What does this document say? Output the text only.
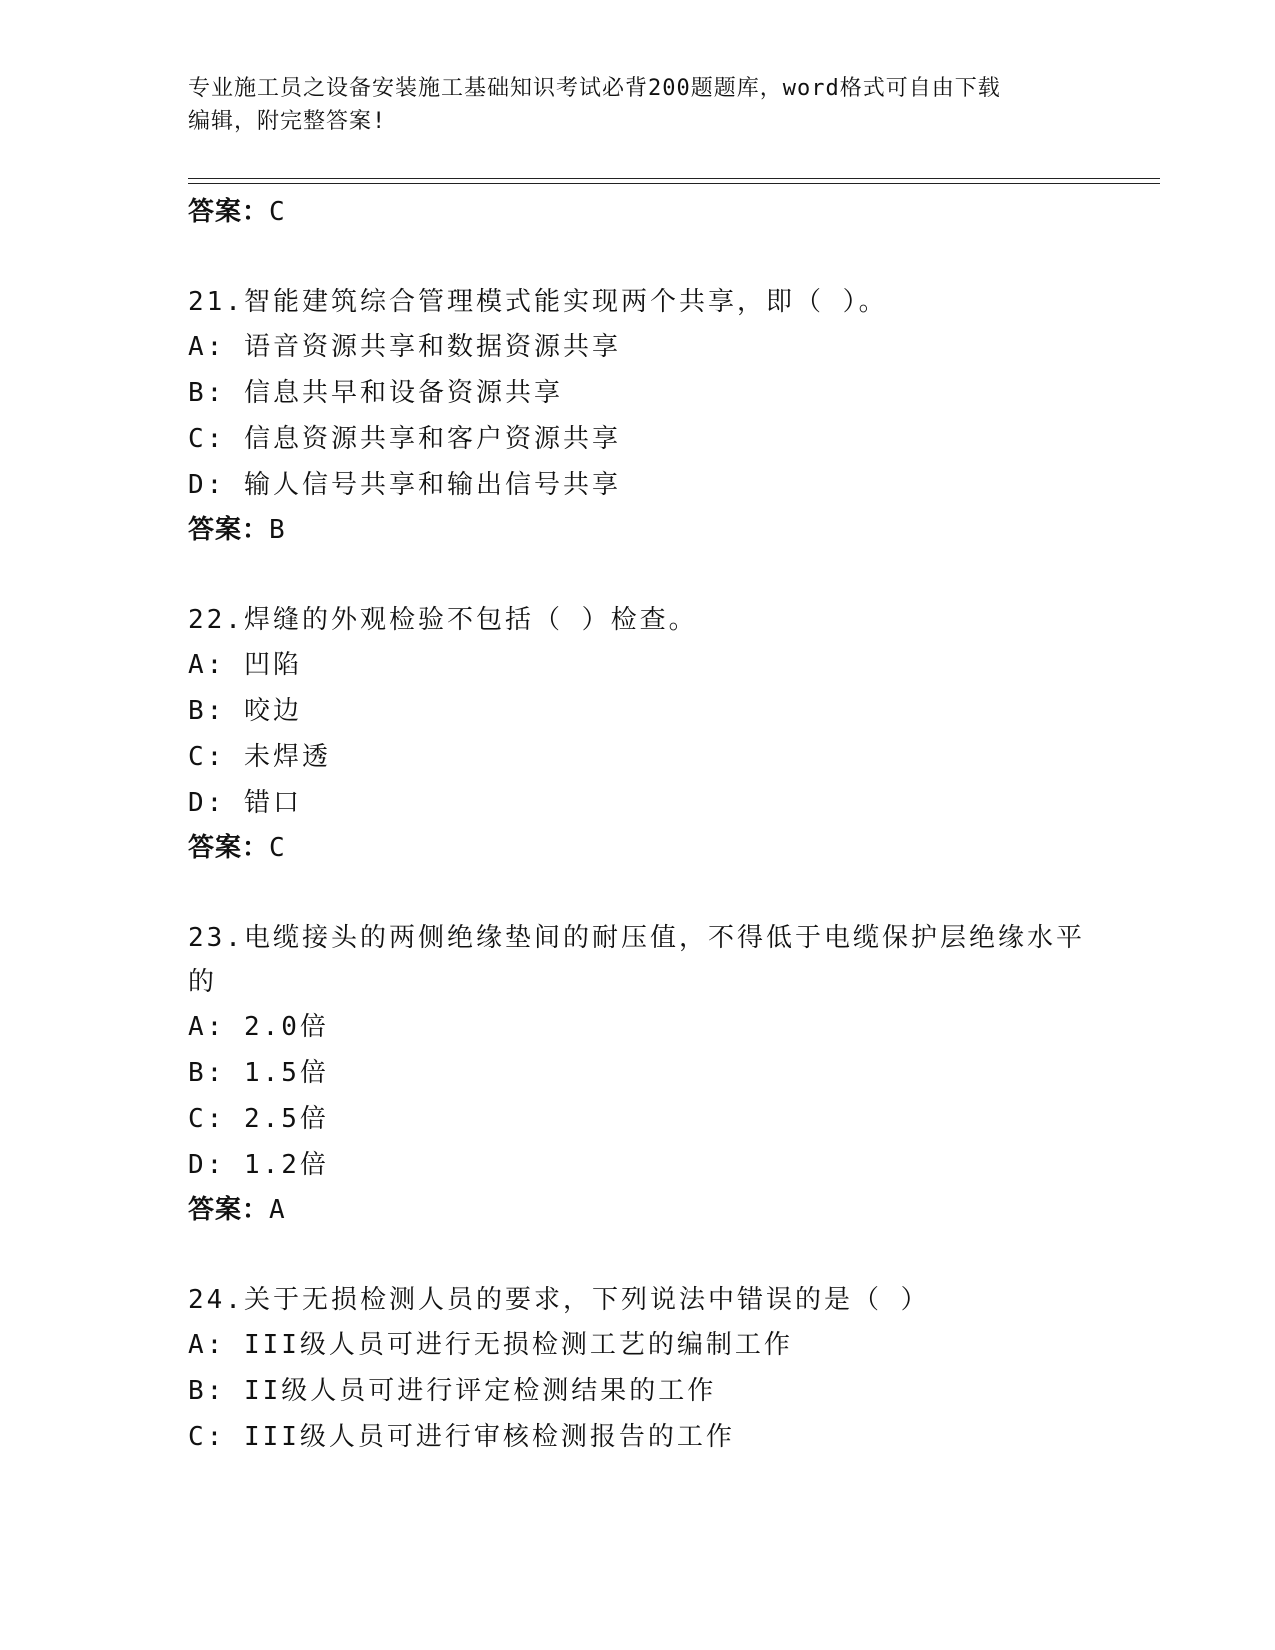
专业施工员之设备安装施工基础知识考试必背200题题库，word格式可自由下载
编辑，附完整答案!
答案：C
21.智能建筑综合管理模式能实现两个共享，即（ ）。
A: 语音资源共享和数据资源共享
B: 信息共早和设备资源共享
C: 信息资源共享和客户资源共享
D: 输人信号共享和输出信号共享
答案：B
22.焊缝的外观检验不包括（ ）检查。
A: 凹陷
B: 咬边
C: 未焊透
D: 错口
答案：C
23.电缆接头的两侧绝缘垫间的耐压值，不得低于电缆保护层绝缘水平
的
A: 2.0倍
B: 1.5倍
C: 2.5倍
D: 1.2倍
答案：A
24.关于无损检测人员的要求，下列说法中错误的是（ ）
A: III级人员可进行无损检测工艺的编制工作
B: II级人员可进行评定检测结果的工作
C: III级人员可进行审核检测报告的工作
